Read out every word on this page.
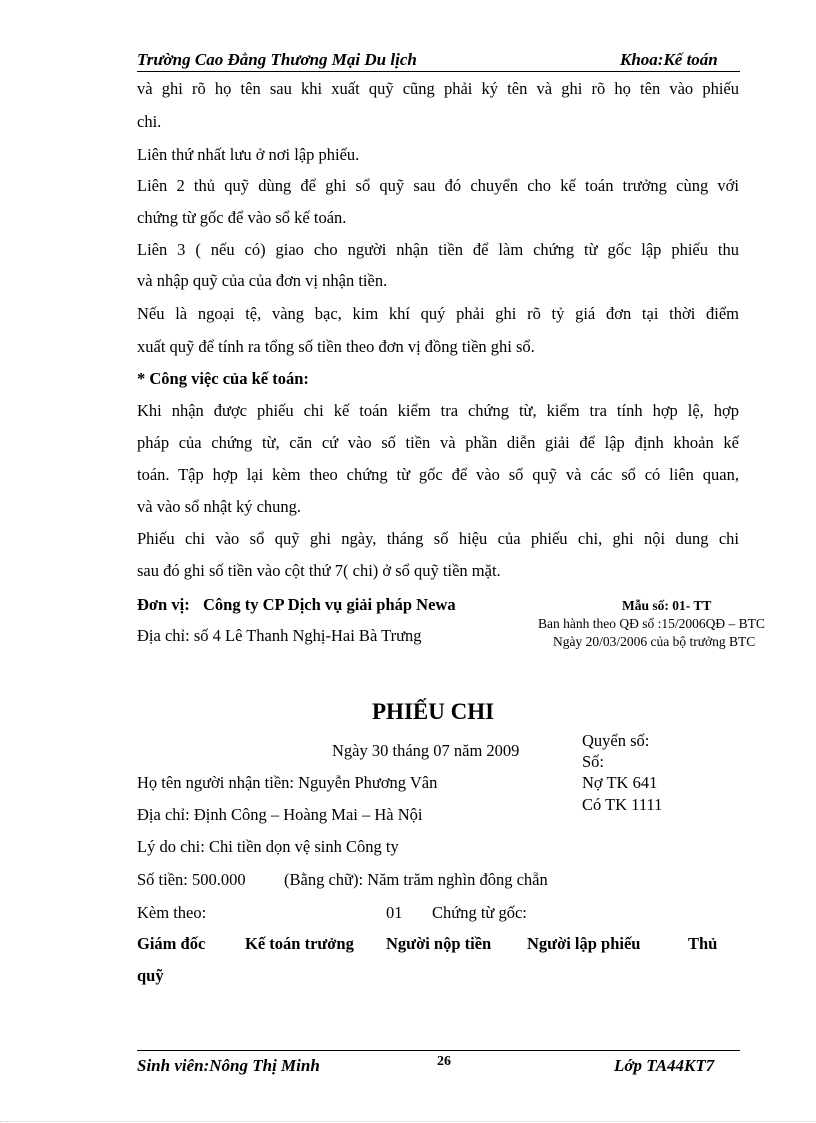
Trường Cao Đẳng Thương Mại Du lịch	Khoa:Kế toán
và ghi rõ họ tên sau khi xuất quỹ cũng phải ký tên và ghi rõ họ tên vào phiếu
chi.
Liên thứ nhất lưu ở nơi lập phiếu.
Liên 2 thủ quỹ dùng để ghi sổ quỹ sau đó chuyển cho kế toán trưởng cùng với
chứng từ gốc để vào sổ kế toán.
Liên 3 ( nếu có) giao cho người nhận tiền để làm chứng từ gốc lập phiếu thu
và nhập quỹ của của đơn vị nhận tiền.
Nếu là ngoại tệ, vàng bạc, kim khí quý phải ghi rõ tỷ giá đơn tại thời điểm
xuất quỹ để tính ra tổng số tiền theo đơn vị đồng tiền ghi sổ.
* Công việc của kế toán:
Khi nhận được phiếu chi kế toán kiểm tra chứng từ, kiểm tra tính hợp lệ, hợp
pháp của chứng từ, căn cứ vào số tiền và phần diễn giải để lập định khoản kế
toán. Tập hợp lại kèm theo chứng từ gốc để vào sổ quỹ và các sổ có liên quan,
và vào sổ nhật ký chung.
Phiếu chi vào sổ quỹ ghi ngày, tháng số hiệu của phiếu chi, ghi nội dung chi
sau đó ghi số tiền vào cột thứ 7( chi) ở sổ quỹ tiền mặt.
Đơn vị: Công ty CP Dịch vụ giải pháp Newa
Địa chỉ: số 4 Lê Thanh Nghị-Hai Bà Trưng
Mẫu số: 01- TT
Ban hành theo QĐ số :15/2006QĐ – BTC
Ngày 20/03/2006 của bộ trưởng BTC
PHIẾU CHI
Ngày 30 tháng 07 năm 2009
Quyển số:
Số:
Nợ TK 641
Có TK 1111
Họ tên người nhận tiền: Nguyễn Phương Vân
Địa chỉ: Định Công – Hoàng Mai – Hà Nội
Lý do chi: Chi tiền dọn vệ sinh Công ty
Số tiền: 500.000 (Bằng chữ): Năm trăm nghìn đông chẵn
Kèm theo:	01 Chứng từ gốc:
Giám đốc Kế toán trưởng Người nộp tiền Người lập phiếu	Thủ
quỹ
Sinh viên:Nông Thị Minh	26	Lớp TA44KT7
